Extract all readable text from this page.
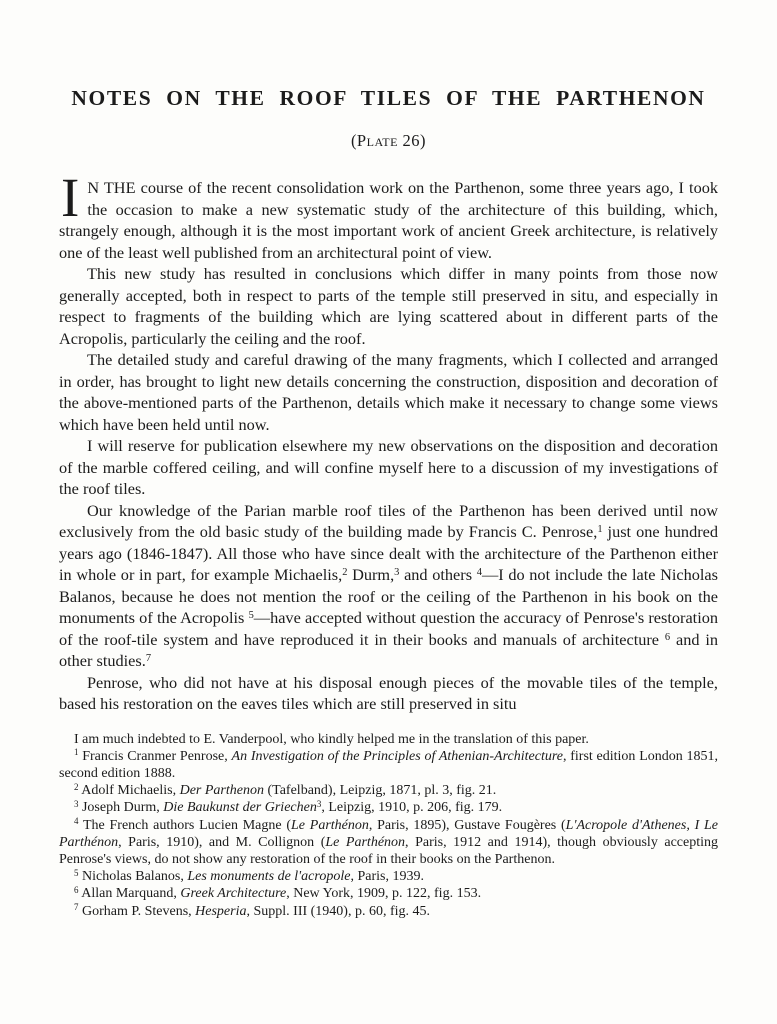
NOTES ON THE ROOF TILES OF THE PARTHENON
(Plate 26)

I N THE course of the recent consolidation work on the Parthenon, some three years ago, I took the occasion to make a new systematic study of the architecture of this building, which, strangely enough, although it is the most important work of ancient Greek architecture, is relatively one of the least well published from an architectural point of view.

This new study has resulted in conclusions which differ in many points from those now generally accepted, both in respect to parts of the temple still preserved in situ, and especially in respect to fragments of the building which are lying scattered about in different parts of the Acropolis, particularly the ceiling and the roof.

The detailed study and careful drawing of the many fragments, which I collected and arranged in order, has brought to light new details concerning the construction, disposition and decoration of the above-mentioned parts of the Parthenon, details which make it necessary to change some views which have been held until now.

I will reserve for publication elsewhere my new observations on the disposition and decoration of the marble coffered ceiling, and will confine myself here to a discussion of my investigations of the roof tiles.

Our knowledge of the Parian marble roof tiles of the Parthenon has been derived until now exclusively from the old basic study of the building made by Francis C. Penrose,$^1$ just one hundred years ago (1846-1847). All those who have since dealt with the architecture of the Parthenon either in whole or in part, for example Michaelis,$^2$ Durm,$^3$ and others $^4$—I do not include the late Nicholas Balanos, because he does not mention the roof or the ceiling of the Parthenon in his book on the monuments of the Acropolis $^5$—have accepted without question the accuracy of Penrose's restoration of the roof-tile system and have reproduced it in their books and manuals of architecture $^6$ and in other studies.$^7$

Penrose, who did not have at his disposal enough pieces of the movable tiles of the temple, based his restoration on the eaves tiles which are still preserved in situ

I am much indebted to E. Vanderpool, who kindly helped me in the translation of this paper.

$^1$ Francis Cranmer Penrose, An Investigation of the Principles of Athenian-Architecture, first edition London 1851, second edition 1888.

$^2$ Adolf Michaelis, Der Parthenon (Tafelband), Leipzig, 1871, pl. 3, fig. 21.

$^3$ Joseph Durm, Die Baukunst der Griechen$^3$, Leipzig, 1910, p. 206, fig. 179.

$^4$ The French authors Lucien Magne (Le Parthénon, Paris, 1895), Gustave Fougères (L'Acropole d'Athenes, I Le Parthénon, Paris, 1910), and M. Collignon (Le Parthénon, Paris, 1912 and 1914), though obviously accepting Penrose's views, do not show any restoration of the roof in their books on the Parthenon.

$^5$ Nicholas Balanos, Les monuments de l'acropole, Paris, 1939.

$^6$ Allan Marquand, Greek Architecture, New York, 1909, p. 122, fig. 153.

$^7$ Gorham P. Stevens, Hesperia, Suppl. III (1940), p. 60, fig. 45.
